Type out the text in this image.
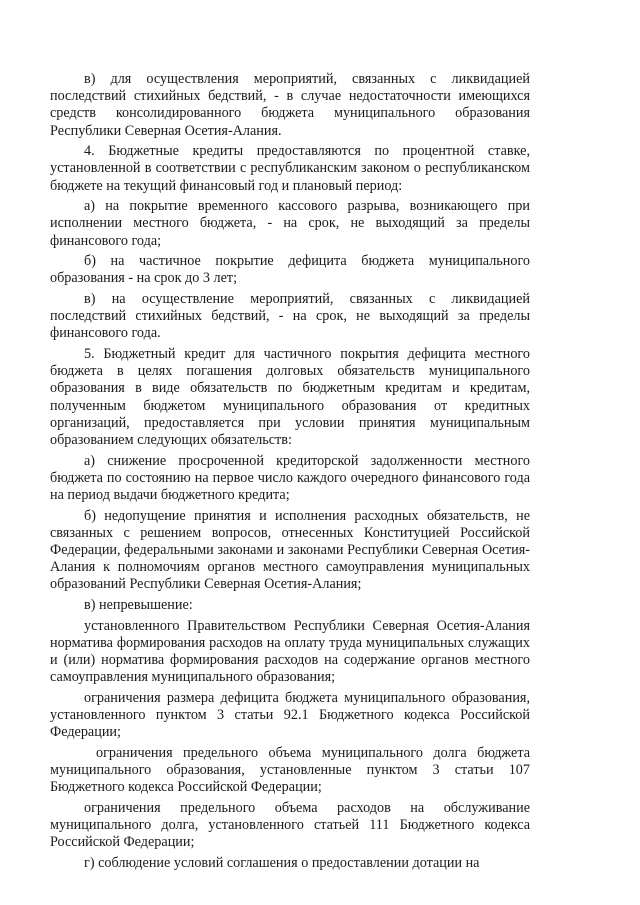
в) для осуществления мероприятий, связанных с ликвидацией последствий стихийных бедствий, - в случае недостаточности имеющихся средств консолидированного бюджета муниципального образования Республики Северная Осетия-Алания.

4. Бюджетные кредиты предоставляются по процентной ставке, установленной в соответствии с республиканским законом о республиканском бюджете на текущий финансовый год и плановый период:

а) на покрытие временного кассового разрыва, возникающего при исполнении местного бюджета, - на срок, не выходящий за пределы финансового года;

б) на частичное покрытие дефицита бюджета муниципального образования - на срок до 3 лет;

в) на осуществление мероприятий, связанных с ликвидацией последствий стихийных бедствий, - на срок, не выходящий за пределы финансового года.

5. Бюджетный кредит для частичного покрытия дефицита местного бюджета в целях погашения долговых обязательств муниципального образования в виде обязательств по бюджетным кредитам и кредитам, полученным бюджетом муниципального образования от кредитных организаций, предоставляется при условии принятия муниципальным образованием следующих обязательств:

а) снижение просроченной кредиторской задолженности местного бюджета по состоянию на первое число каждого очередного финансового года на период выдачи бюджетного кредита;

б) недопущение принятия и исполнения расходных обязательств, не связанных с решением вопросов, отнесенных Конституцией Российской Федерации, федеральными законами и законами Республики Северная Осетия-Алания к полномочиям органов местного самоуправления муниципальных образований Республики Северная Осетия-Алания;

в) непревышение:

установленного Правительством Республики Северная Осетия-Алания норматива формирования расходов на оплату труда муниципальных служащих и (или) норматива формирования расходов на содержание органов местного самоуправления муниципального образования;

ограничения размера дефицита бюджета муниципального образования, установленного пунктом 3 статьи 92.1 Бюджетного кодекса Российской Федерации;

ограничения предельного объема муниципального долга бюджета муниципального образования, установленные пунктом 3 статьи 107 Бюджетного кодекса Российской Федерации;

ограничения предельного объема расходов на обслуживание муниципального долга, установленного статьей 111 Бюджетного кодекса Российской Федерации;

г) соблюдение условий соглашения о предоставлении дотации на
